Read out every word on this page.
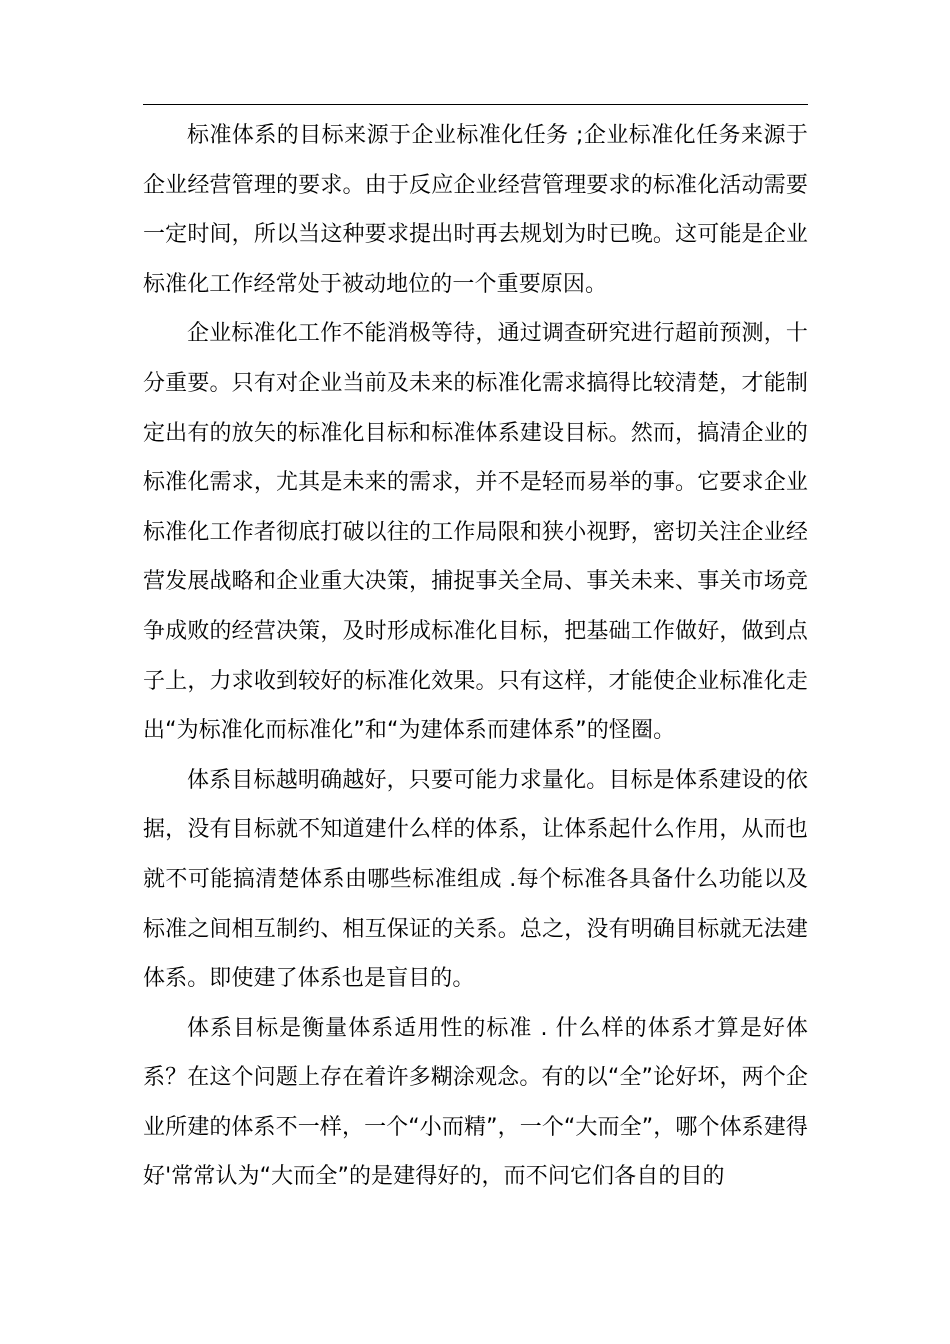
标准体系的目标来源于企业标准化任务 ;企业标准化任务来源于企业经营管理的要求。由于反应企业经营管理要求的标准化活动需要一定时间，所以当这种要求提出时再去规划为时已晚。这可能是企业标准化工作经常处于被动地位的一个重要原因。

企业标准化工作不能消极等待，通过调查研究进行超前预测，十分重要。只有对企业当前及未来的标准化需求搞得比较清楚，才能制定出有的放矢的标准化目标和标准体系建设目标。然而，搞清企业的标准化需求，尤其是未来的需求，并不是轻而易举的事。它要求企业标准化工作者彻底打破以往的工作局限和狭小视野，密切关注企业经营发展战略和企业重大决策，捕捉事关全局、事关未来、事关市场竞争成败的经营决策，及时形成标准化目标，把基础工作做好，做到点子上，力求收到较好的标准化效果。只有这样，才能使企业标准化走出“为标准化而标准化”和“为建体系而建体系”的怪圈。

体系目标越明确越好，只要可能力求量化。目标是体系建设的依据，没有目标就不知道建什么样的体系，让体系起什么作用，从而也就不可能搞清楚体系由哪些标准组成 .每个标准各具备什么功能以及标准之间相互制约、相互保证的关系。总之，没有明确目标就无法建体系。即使建了体系也是盲目的。

体系目标是衡量体系适用性的标准 . 什么样的体系才算是好体系？在这个问题上存在着许多糊涂观念。有的以“全”论好坏，两个企业所建的体系不一样，一个“小而精”，一个“大而全”，哪个体系建得好'常常认为“大而全”的是建得好的，而不问它们各自的目的
